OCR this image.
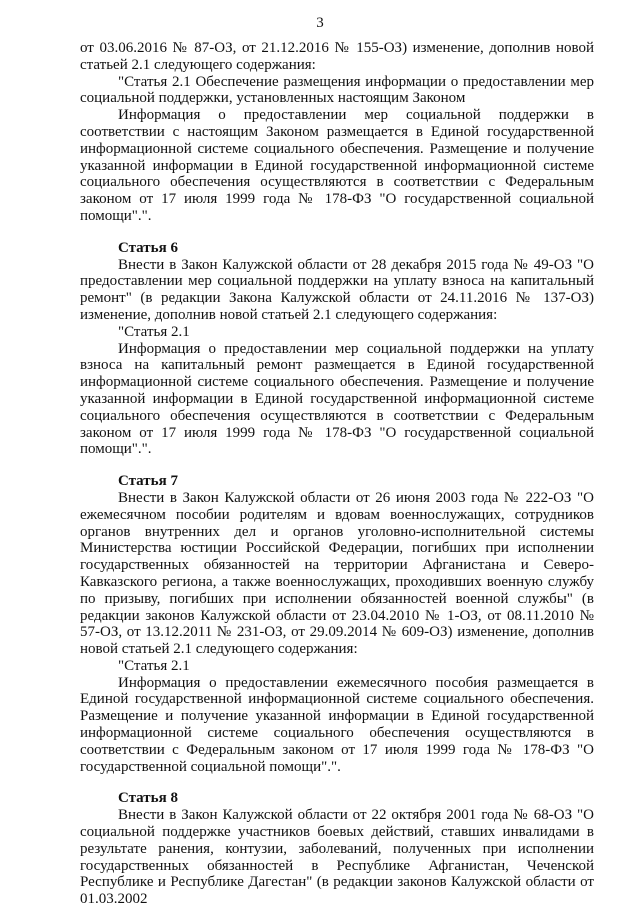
3

от 03.06.2016 № 87-ОЗ, от 21.12.2016 № 155-ОЗ) изменение, дополнив новой статьей 2.1 следующего содержания:

"Статья 2.1 Обеспечение размещения информации о предоставлении мер социальной поддержки, установленных настоящим Законом

Информация о предоставлении мер социальной поддержки в соответствии с настоящим Законом размещается в Единой государственной информационной системе социального обеспечения. Размещение и получение указанной информации в Единой государственной информационной системе социального обеспечения осуществляются в соответствии с Федеральным законом от 17 июля 1999 года № 178-ФЗ "О государственной социальной помощи".".

Статья 6

Внести в Закон Калужской области от 28 декабря 2015 года № 49-ОЗ "О предоставлении мер социальной поддержки на уплату взноса на капитальный ремонт" (в редакции Закона Калужской области от 24.11.2016 № 137-ОЗ) изменение, дополнив новой статьей 2.1 следующего содержания:

"Статья 2.1

Информация о предоставлении мер социальной поддержки на уплату взноса на капитальный ремонт размещается в Единой государственной информационной системе социального обеспечения. Размещение и получение указанной информации в Единой государственной информационной системе социального обеспечения осуществляются в соответствии с Федеральным законом от 17 июля 1999 года № 178-ФЗ "О государственной социальной помощи".".

Статья 7

Внести в Закон Калужской области от 26 июня 2003 года № 222-ОЗ "О ежемесячном пособии родителям и вдовам военнослужащих, сотрудников органов внутренних дел и органов уголовно-исполнительной системы Министерства юстиции Российской Федерации, погибших при исполнении государственных обязанностей на территории Афганистана и Северо-Кавказского региона, а также военнослужащих, проходивших военную службу по призыву, погибших при исполнении обязанностей военной службы" (в редакции законов Калужской области от 23.04.2010 № 1-ОЗ, от 08.11.2010 № 57-ОЗ, от 13.12.2011 № 231-ОЗ, от 29.09.2014 № 609-ОЗ) изменение, дополнив новой статьей 2.1 следующего содержания:

"Статья 2.1

Информация о предоставлении ежемесячного пособия размещается в Единой государственной информационной системе социального обеспечения. Размещение и получение указанной информации в Единой государственной информационной системе социального обеспечения осуществляются в соответствии с Федеральным законом от 17 июля 1999 года № 178-ФЗ "О государственной социальной помощи".".

Статья 8

Внести в Закон Калужской области от 22 октября 2001 года № 68-ОЗ "О социальной поддержке участников боевых действий, ставших инвалидами в результате ранения, контузии, заболеваний, полученных при исполнении государственных обязанностей в Республике Афганистан, Чеченской Республике и Республике Дагестан" (в редакции законов Калужской области от 01.03.2002
